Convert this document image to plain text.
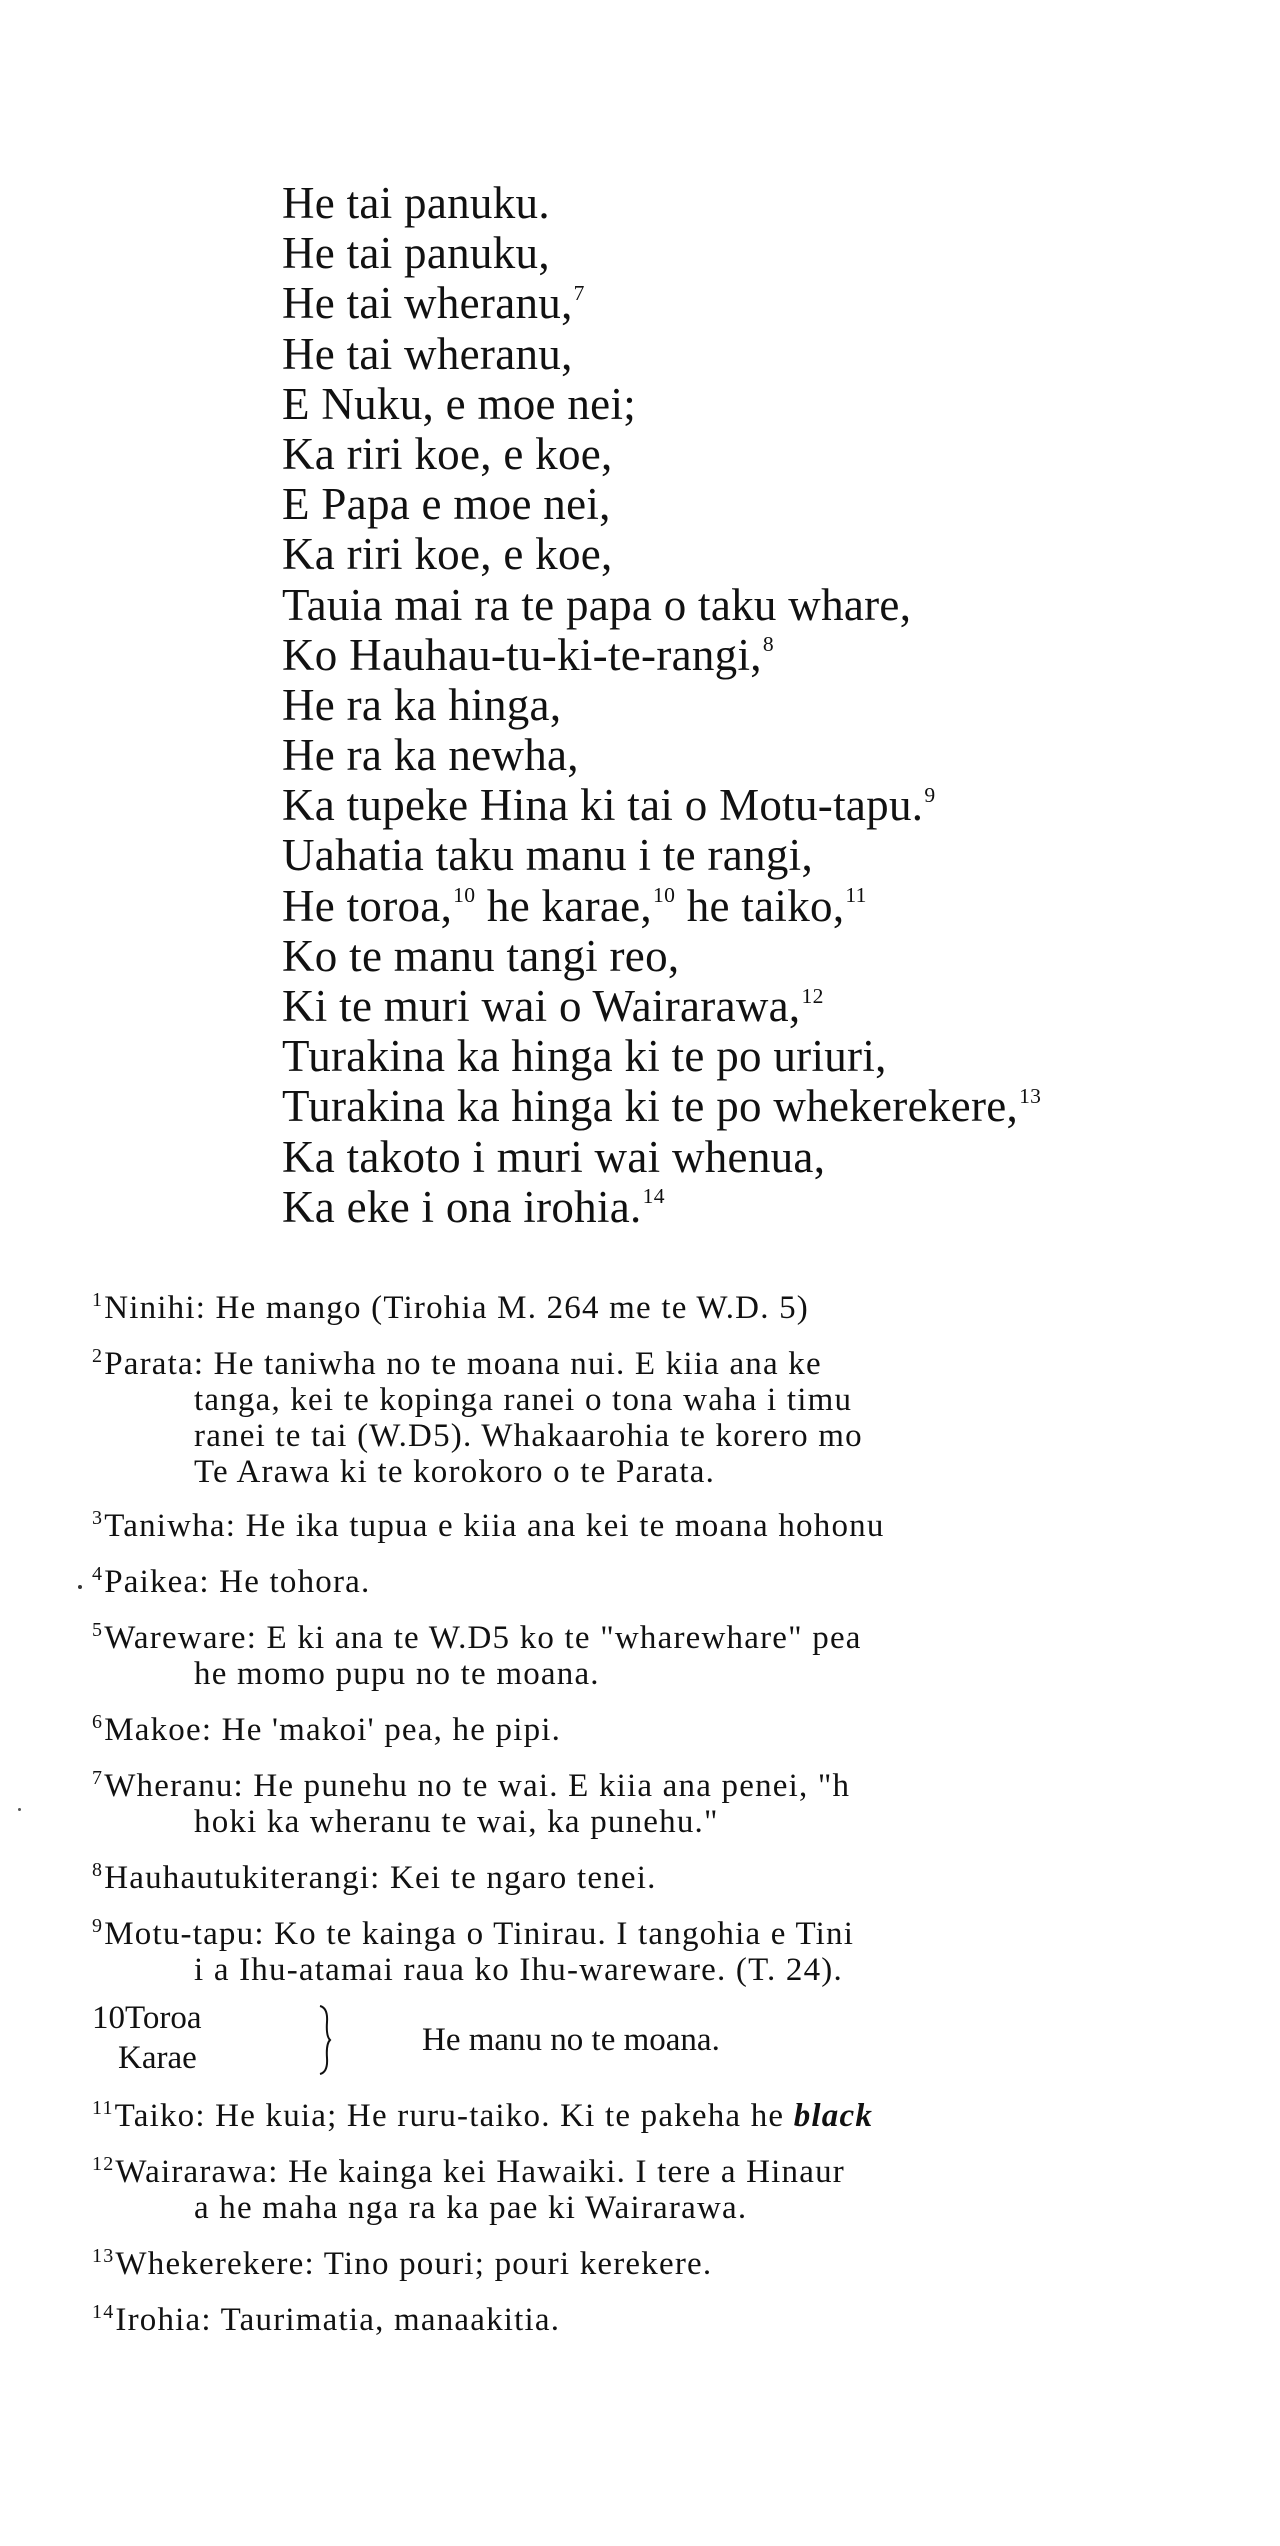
He tai panuku.
He tai panuku,
He tai wheranu,$^7$
He tai wheranu,
E Nuku, e moe nei;
Ka riri koe, e koe,
E Papa e moe nei,
Ka riri koe, e koe,
Tauia mai ra te papa o taku whare,
Ko Hauhau-tu-ki-te-rangi,$^8$
He ra ka hinga,
He ra ka newha,
Ka tupeke Hina ki tai o Motu-tapu.$^9$
Uahatia taku manu i te rangi,
He toroa,$^{10}$ he karae,$^{10}$ he taiko,$^{11}$
Ko te manu tangi reo,
Ki te muri wai o Wairarawa,$^{12}$
Turakina ka hinga ki te po uriuri,
Turakina ka hinga ki te po whekerekere,$^{13}$
Ka takoto i muri wai whenua,
Ka eke i ona irohia.$^{14}$
$^1$Ninihi: He mango (Tirohia M. 264 me te W.D. 5)
$^2$Parata: He taniwha no te moana nui. E kiia ana ke
tanga, kei te kopinga ranei o tona waha i timu
ranei te tai (W.D5). Whakaarohia te korero mo
Te Arawa ki te korokoro o te Parata.
$^3$Taniwha: He ika tupua e kiia ana kei te moana hohonu
$^4$Paikea: He tohora.
$^5$Wareware: E ki ana te W.D5 ko te "wharewhare" pea
he momo pupu no te moana.
$^6$Makoe: He 'makoi' pea, he pipi.
$^7$Wheranu: He punehu no te wai. E kiia ana penei, "h
hoki ka wheranu te wai, ka punehu."
$^8$Hauhautukiterangi: Kei te ngaro tenei.
$^9$Motu-tapu: Ko te kainga o Tinirau. I tangohia e Tini
i a Ihu-atamai raua ko Ihu-wareware. (T. 24).
10Toroa
Karae	He manu no te moana.
$^{11}$Taiko: He kuia; He ruru-taiko. Ki te pakeha he black
$^{12}$Wairarawa: He kainga kei Hawaiki. I tere a Hinaur
a he maha nga ra ka pae ki Wairarawa.
$^{13}$Whekerekere: Tino pouri; pouri kerekere.
$^{14}$Irohia: Taurimatia, manaakitia.
